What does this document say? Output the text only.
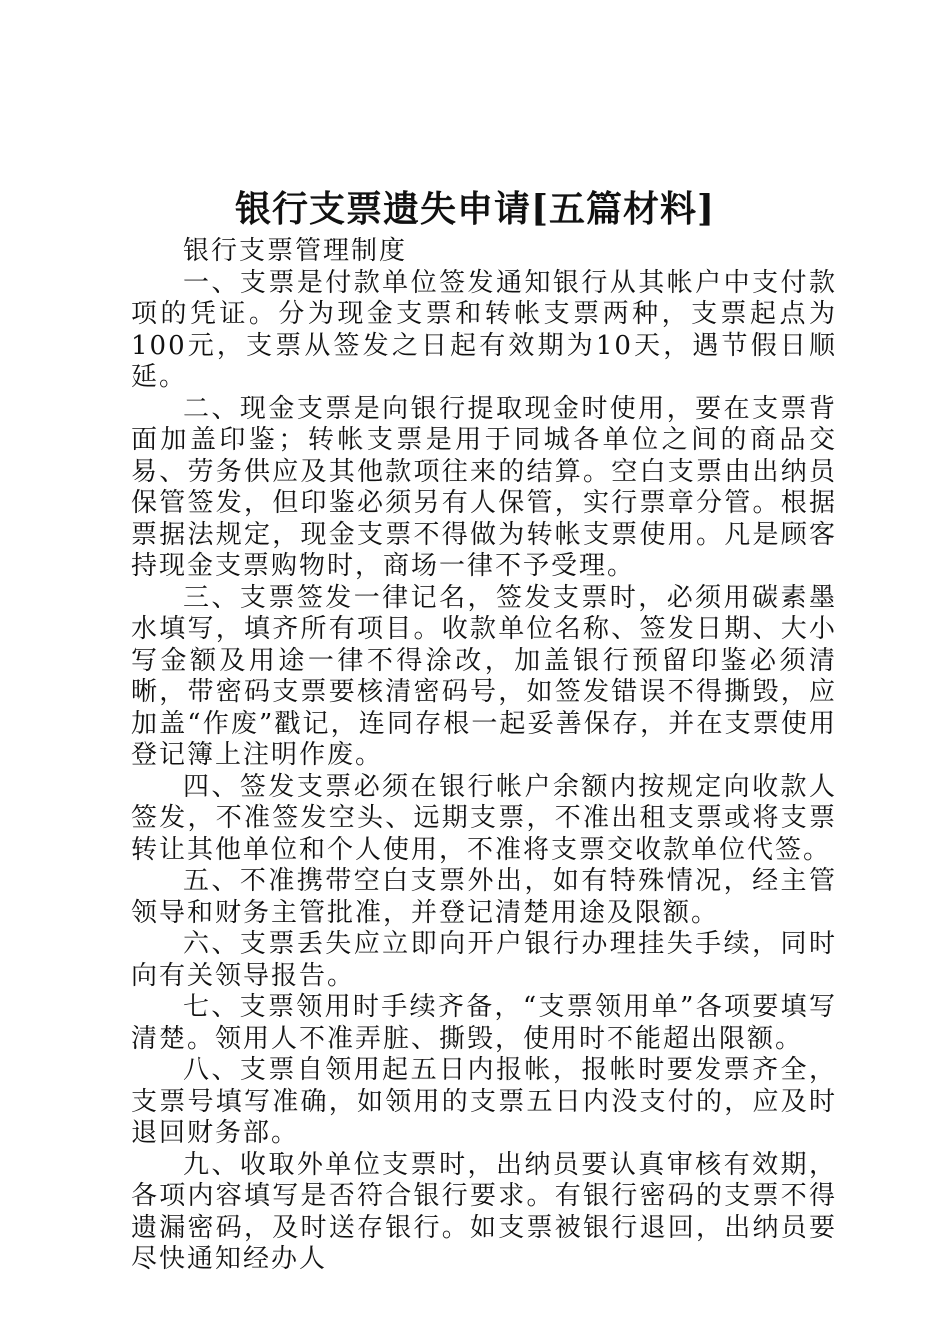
银行支票遗失申请[五篇材料]

银行支票管理制度

一、支票是付款单位签发通知银行从其帐户中支付款项的凭证。分为现金支票和转帐支票两种，支票起点为100元，支票从签发之日起有效期为10天，遇节假日顺延。

二、现金支票是向银行提取现金时使用，要在支票背面加盖印鉴；转帐支票是用于同城各单位之间的商品交易、劳务供应及其他款项往来的结算。空白支票由出纳员保管签发，但印鉴必须另有人保管，实行票章分管。根据票据法规定，现金支票不得做为转帐支票使用。凡是顾客持现金支票购物时，商场一律不予受理。

三、支票签发一律记名，签发支票时，必须用碳素墨水填写，填齐所有项目。收款单位名称、签发日期、大小写金额及用途一律不得涂改，加盖银行预留印鉴必须清晰，带密码支票要核清密码号，如签发错误不得撕毁，应加盖“作废”戳记，连同存根一起妥善保存，并在支票使用登记簿上注明作废。

四、签发支票必须在银行帐户余额内按规定向收款人签发，不准签发空头、远期支票，不准出租支票或将支票转让其他单位和个人使用，不准将支票交收款单位代签。

五、不准携带空白支票外出，如有特殊情况，经主管领导和财务主管批准，并登记清楚用途及限额。

六、支票丢失应立即向开户银行办理挂失手续，同时向有关领导报告。

七、支票领用时手续齐备，“支票领用单”各项要填写清楚。领用人不准弄脏、撕毁，使用时不能超出限额。

八、支票自领用起五日内报帐，报帐时要发票齐全，支票号填写准确，如领用的支票五日内没支付的，应及时退回财务部。

九、收取外单位支票时，出纳员要认真审核有效期，各项内容填写是否符合银行要求。有银行密码的支票不得遗漏密码，及时送存银行。如支票被银行退回，出纳员要尽快通知经办人
